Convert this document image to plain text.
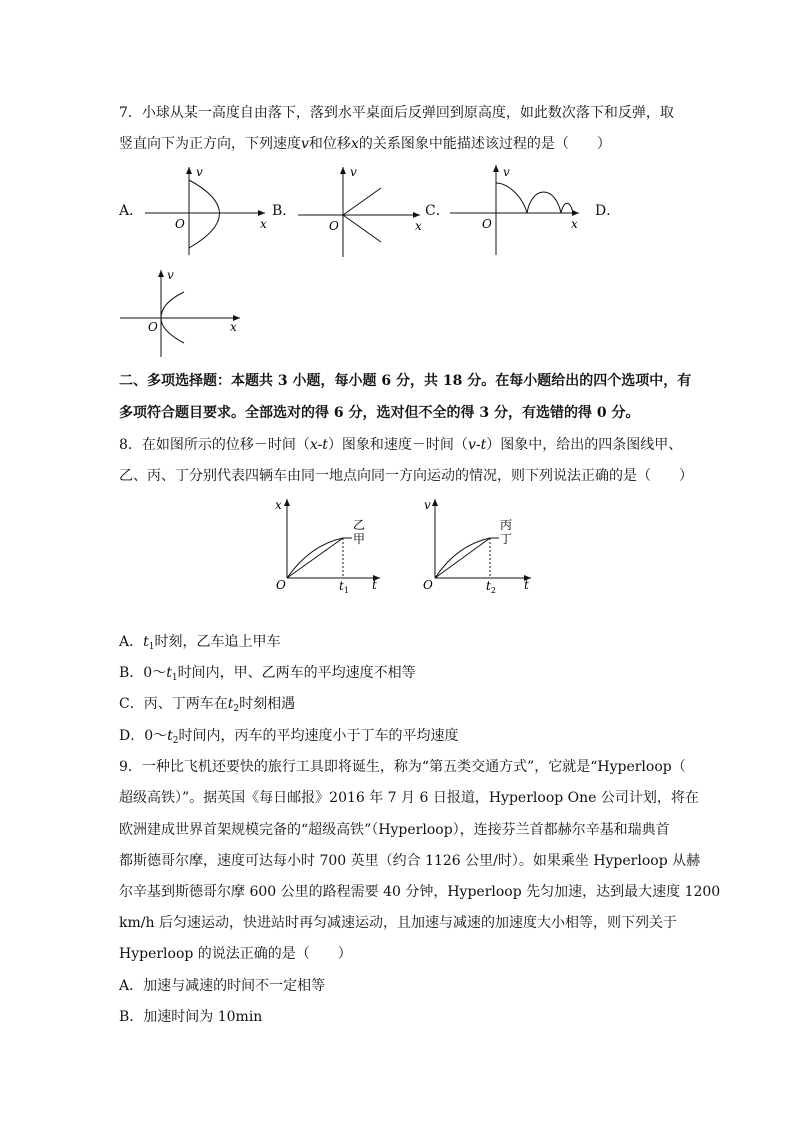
7．小球从某一高度自由落下，落到水平桌面后反弹回到原高度，如此数次落下和反弹，取
竖直向下为正方向，下列速度v和位移x的关系图象中能描述该过程的是（　　）
A．	B．	C．	D．
v
O	x
v
O	x
v
O	x
v
O	x
二、多项选择题：本题共 3 小题，每小题 6 分，共 18 分。在每小题给出的四个选项中，有
多项符合题目要求。全部选对的得 6 分，选对但不全的得 3 分，有选错的得 0 分。
8．在如图所示的位移－时间（x-t）图象和速度－时间（v-t）图象中，给出的四条图线甲、
乙、丙、丁分别代表四辆车由同一地点向同一方向运动的情况，则下列说法正确的是（　　）
乙
甲
x
O	t
$t_1$
丙
丁
v
O	t
$t_2$
A．$t_1$时刻，乙车追上甲车
B．$0\sim t_1$时间内，甲、乙两车的平均速度不相等
C．丙、丁两车在$t_2$时刻相遇
D．$0\sim t_2$时间内，丙车的平均速度小于丁车的平均速度
9．一种比飞机还要快的旅行工具即将诞生，称为“第五类交通方式”，它就是“Hyperloop（
超级高铁）”。据英国《每日邮报》2016 年 7 月 6 日报道，Hyperloop One 公司计划，将在
欧洲建成世界首架规模完备的“超级高铁”（Hyperloop），连接芬兰首都赫尔辛基和瑞典首
都斯德哥尔摩，速度可达每小时 700 英里（约合 1126 公里/时）。如果乘坐 Hyperloop 从赫
尔辛基到斯德哥尔摩 600 公里的路程需要 40 分钟，Hyperloop 先匀加速，达到最大速度 1200
km/h 后匀速运动，快进站时再匀减速运动，且加速与减速的加速度大小相等，则下列关于
Hyperloop 的说法正确的是（　　）
A．加速与减速的时间不一定相等
B．加速时间为 10min
